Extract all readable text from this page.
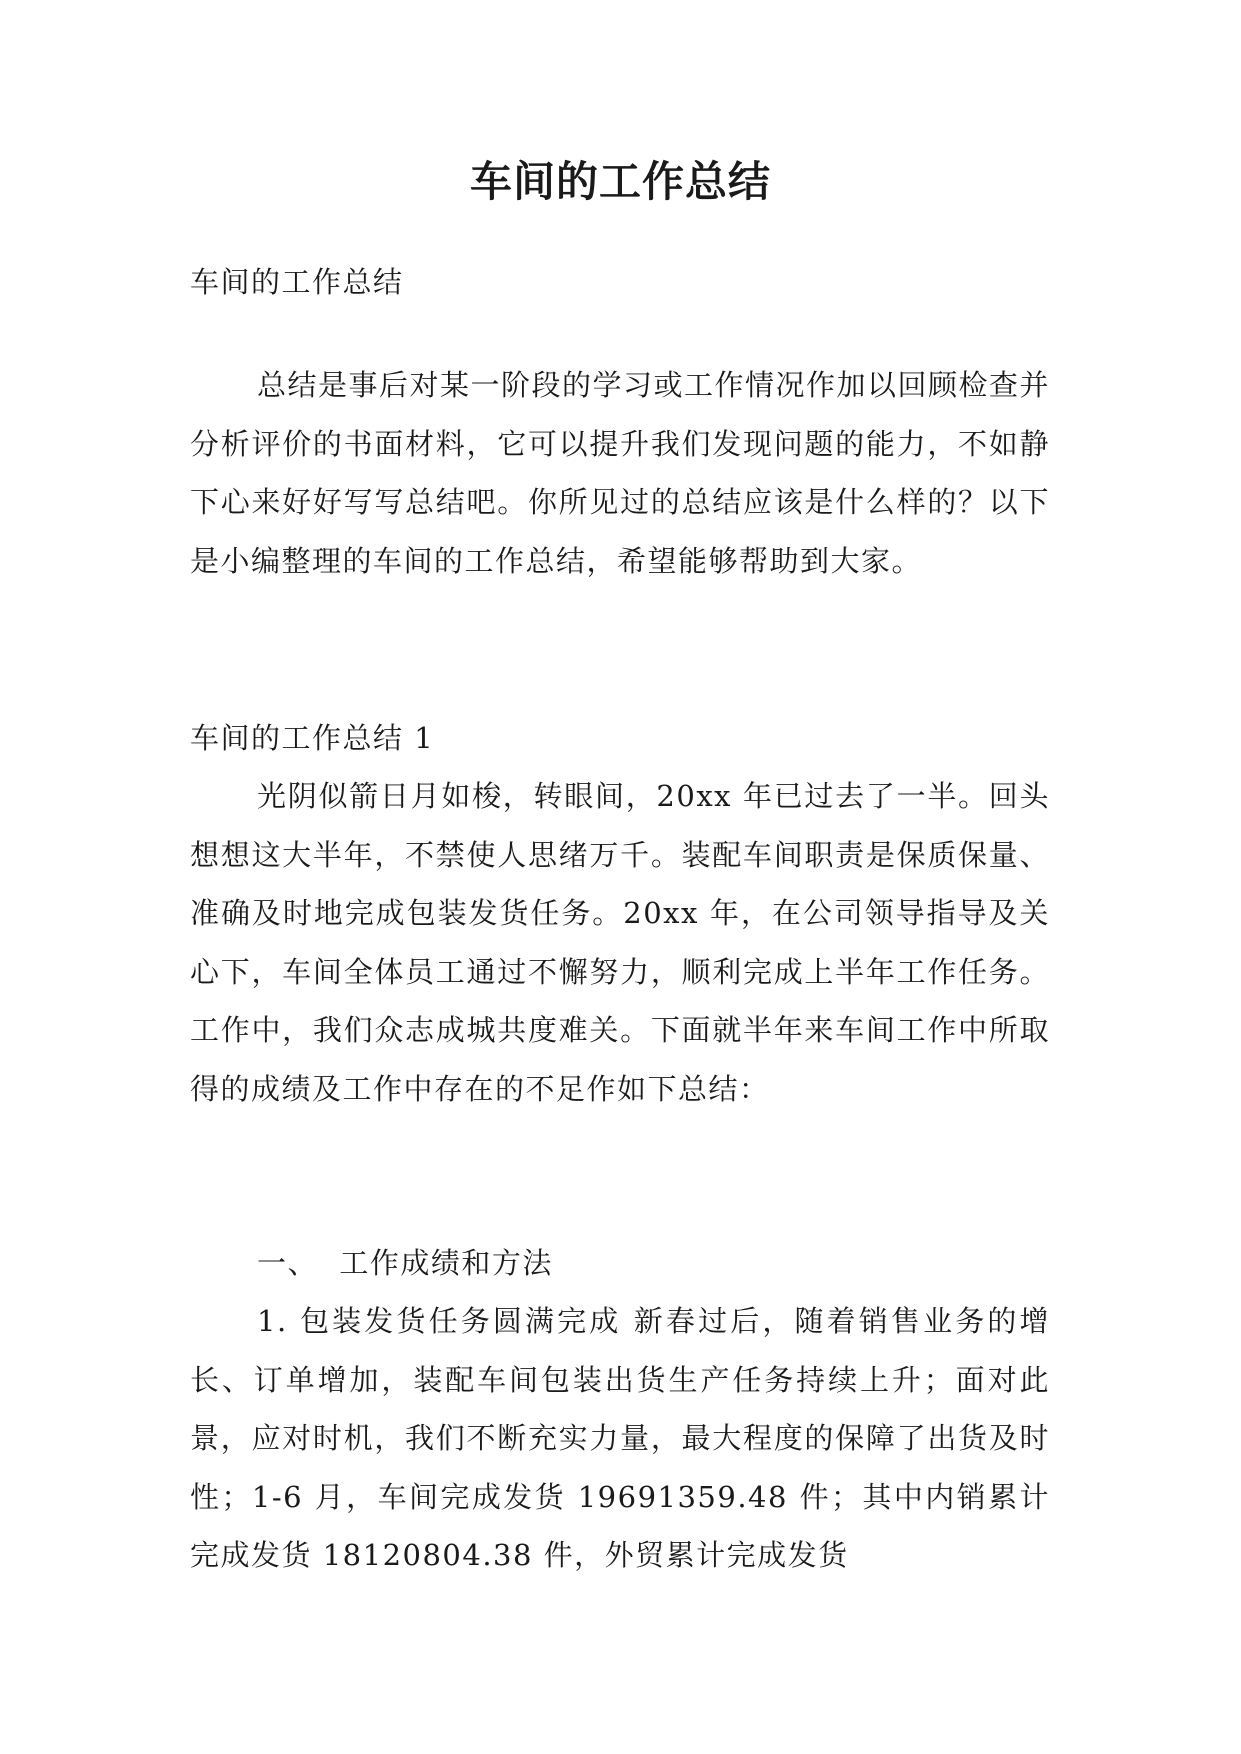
车间的工作总结

车间的工作总结

总结是事后对某一阶段的学习或工作情况作加以回顾检查并分析评价的书面材料，它可以提升我们发现问题的能力，不如静下心来好好写写总结吧。你所见过的总结应该是什么样的？以下是小编整理的车间的工作总结，希望能够帮助到大家。

车间的工作总结 1

光阴似箭日月如梭，转眼间，20xx 年已过去了一半。回头想想这大半年，不禁使人思绪万千。装配车间职责是保质保量、准确及时地完成包装发货任务。20xx 年，在公司领导指导及关心下，车间全体员工通过不懈努力，顺利完成上半年工作任务。工作中，我们众志成城共度难关。下面就半年来车间工作中所取得的成绩及工作中存在的不足作如下总结：

一、  工作成绩和方法

1. 包装发货任务圆满完成 新春过后，随着销售业务的增长、订单增加，装配车间包装出货生产任务持续上升；面对此景，应对时机，我们不断充实力量，最大程度的保障了出货及时性；1-6 月，车间完成发货 19691359.48 件；其中内销累计完成发货 18120804.38 件，外贸累计完成发货
